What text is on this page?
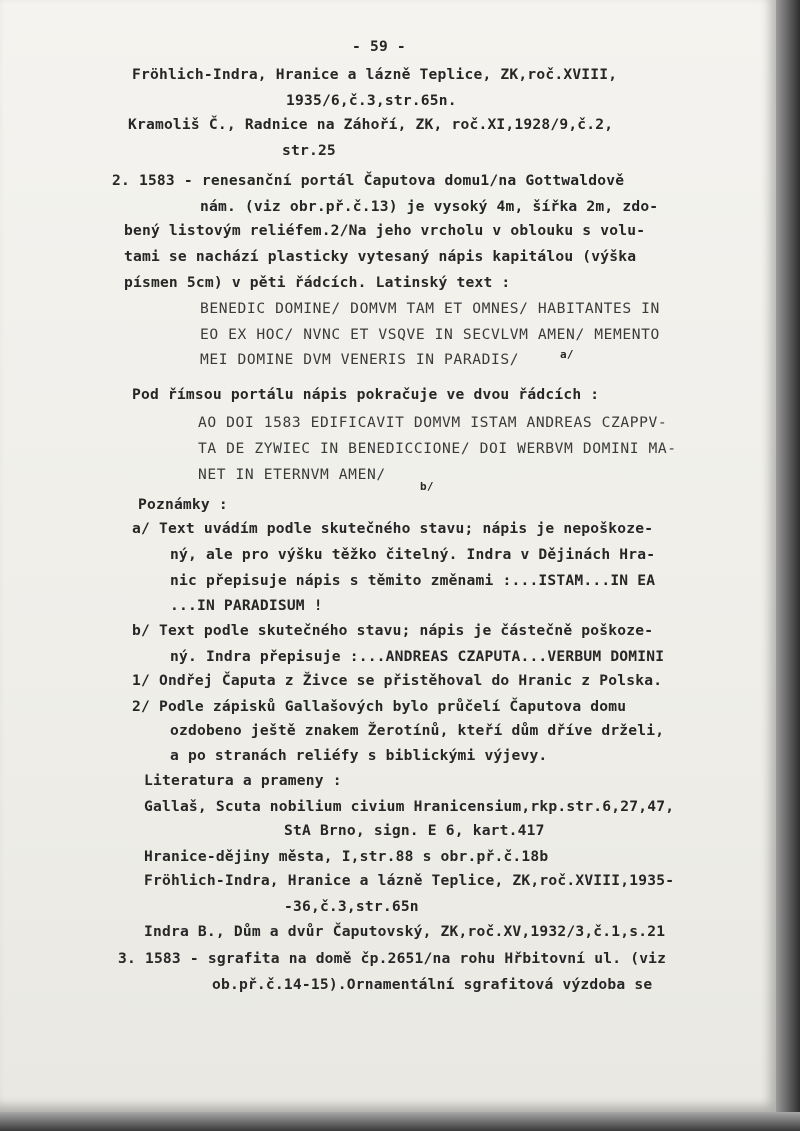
- 59 -
Fröhlich-Indra, Hranice a lázně Teplice, ZK,roč.XVIII,
1935/6,č.3,str.65n.
Kramoliš Č., Radnice na Záhoří, ZK, roč.XI,1928/9,č.2,
str.25
2. 1583 - renesanční portál Čaputova domu1/na Gottwaldově
nám. (viz obr.př.č.13) je vysoký 4m, šířka 2m, zdo-
bený listovým reliéfem.2/Na jeho vrcholu v oblouku s volu-
tami se nachází plasticky vytesaný nápis kapitálou (výška
písmen 5cm) v pěti řádcích. Latinský text :
BENEDIC DOMINE/ DOMVM TAM ET OMNES/ HABITANTES IN
EO EX HOC/ NVNC ET VSQVE IN SECVLVM AMEN/ MEMENTO
MEI DOMINE DVM VENERIS IN PARADIS/	a/
Pod římsou portálu nápis pokračuje ve dvou řádcích :
AO DOI 1583 EDIFICAVIT DOMVM ISTAM ANDREAS CZAPPV-
TA DE ZYWIEC IN BENEDICCIONE/ DOI WERBVM DOMINI MA-
NET IN ETERNVM AMEN/
b/
Poznámky :
a/ Text uvádím podle skutečného stavu; nápis je nepoškoze-
ný, ale pro výšku těžko čitelný. Indra v Dějinách Hra-
nic přepisuje nápis s těmito změnami :...ISTAM...IN EA
...IN PARADISUM !
b/ Text podle skutečného stavu; nápis je částečně poškoze-
ný. Indra přepisuje :...ANDREAS CZAPUTA...VERBUM DOMINI
1/ Ondřej Čaputa z Živce se přistěhoval do Hranic z Polska.
2/ Podle zápisků Gallašových bylo průčelí Čaputova domu
ozdobeno ještě znakem Žerotínů, kteří dům dříve drželi,
a po stranách reliéfy s biblickými výjevy.
Literatura a prameny :
Gallaš, Scuta nobilium civium Hranicensium,rkp.str.6,27,47,
StA Brno, sign. E 6, kart.417
Hranice-dějiny města, I,str.88 s obr.př.č.18b
Fröhlich-Indra, Hranice a lázně Teplice, ZK,roč.XVIII,1935-
-36,č.3,str.65n
Indra B., Dům a dvůr Čaputovský, ZK,roč.XV,1932/3,č.1,s.21
3. 1583 - sgrafita na domě čp.2651/na rohu Hřbitovní ul. (viz
ob.př.č.14-15).Ornamentální sgrafitová výzdoba se
